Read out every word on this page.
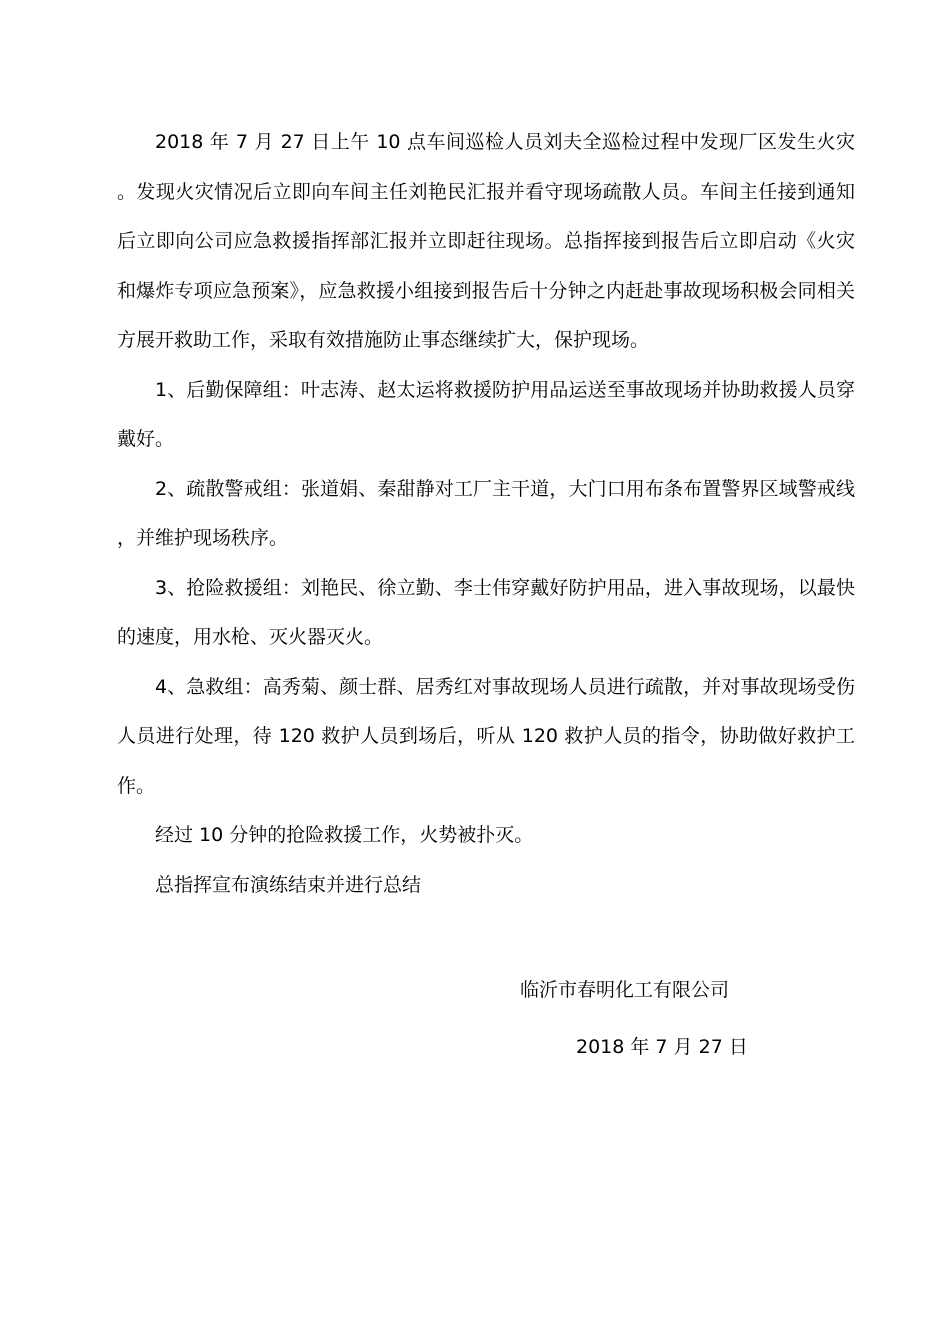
2018 年 7 月 27 日上午 10 点车间巡检人员刘夫全巡检过程中发现厂区发生火灾。发现火灾情况后立即向车间主任刘艳民汇报并看守现场疏散人员。车间主任接到通知后立即向公司应急救援指挥部汇报并立即赶往现场。总指挥接到报告后立即启动《火灾和爆炸专项应急预案》，应急救援小组接到报告后十分钟之内赶赴事故现场积极会同相关方展开救助工作，采取有效措施防止事态继续扩大，保护现场。

1、后勤保障组：叶志涛、赵太运将救援防护用品运送至事故现场并协助救援人员穿戴好。

2、疏散警戒组：张道娟、秦甜静对工厂主干道，大门口用布条布置警界区域警戒线，并维护现场秩序。

3、抢险救援组：刘艳民、徐立勤、李士伟穿戴好防护用品，进入事故现场，以最快的速度，用水枪、灭火器灭火。

4、急救组：高秀菊、颜士群、居秀红对事故现场人员进行疏散，并对事故现场受伤人员进行处理，待 120 救护人员到场后，听从 120 救护人员的指令，协助做好救护工作。

经过 10 分钟的抢险救援工作，火势被扑灭。

总指挥宣布演练结束并进行总结

临沂市春明化工有限公司
2018 年 7 月 27 日
